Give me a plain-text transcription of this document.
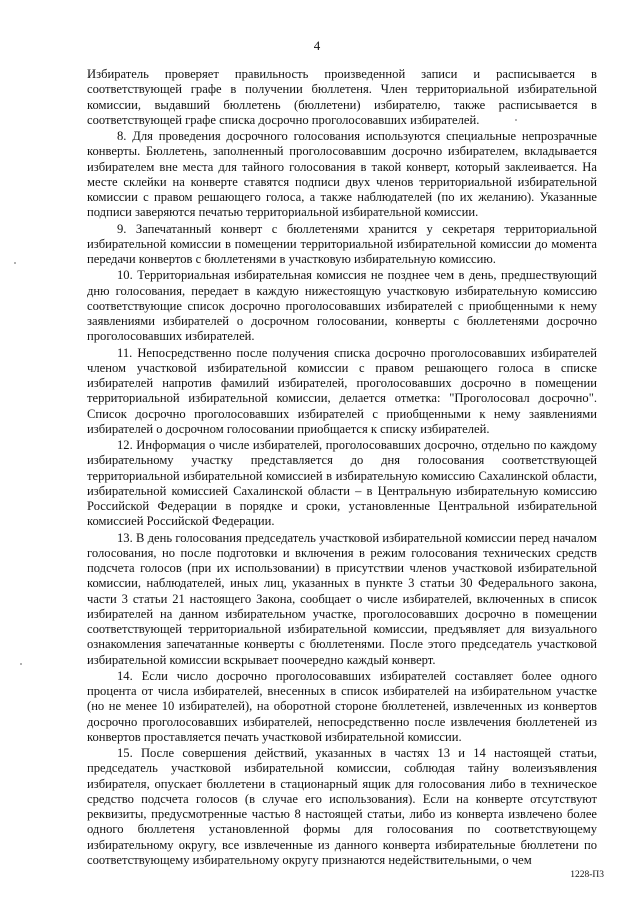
4

Избиратель проверяет правильность произведенной записи и расписывается в соответствующей графе в получении бюллетеня. Член территориальной избирательной комиссии, выдавший бюллетень (бюллетени) избирателю, также расписывается в соответствующей графе списка досрочно проголосовавших избирателей.

8. Для проведения досрочного голосования используются специальные непрозрачные конверты. Бюллетень, заполненный проголосовавшим досрочно избирателем, вкладывается избирателем вне места для тайного голосования в такой конверт, который заклеивается. На месте склейки на конверте ставятся подписи двух членов территориальной избирательной комиссии с правом решающего голоса, а также наблюдателей (по их желанию). Указанные подписи заверяются печатью территориальной избирательной комиссии.

9. Запечатанный конверт с бюллетенями хранится у секретаря территориальной избирательной комиссии в помещении территориальной избирательной комиссии до момента передачи конвертов с бюллетенями в участковую избирательную комиссию.

10. Территориальная избирательная комиссия не позднее чем в день, предшествующий дню голосования, передает в каждую нижестоящую участковую избирательную комиссию соответствующие список досрочно проголосовавших избирателей с приобщенными к нему заявлениями избирателей о досрочном голосовании, конверты с бюллетенями досрочно проголосовавших избирателей.

11. Непосредственно после получения списка досрочно проголосовавших избирателей членом участковой избирательной комиссии с правом решающего голоса в списке избирателей напротив фамилий избирателей, проголосовавших досрочно в помещении территориальной избирательной комиссии, делается отметка: "Проголосовал досрочно". Список досрочно проголосовавших избирателей с приобщенными к нему заявлениями избирателей о досрочном голосовании приобщается к списку избирателей.

12. Информация о числе избирателей, проголосовавших досрочно, отдельно по каждому избирательному участку представляется до дня голосования соответствующей территориальной избирательной комиссией в избирательную комиссию Сахалинской области, избирательной комиссией Сахалинской области – в Центральную избирательную комиссию Российской Федерации в порядке и сроки, установленные Центральной избирательной комиссией Российской Федерации.

13. В день голосования председатель участковой избирательной комиссии перед началом голосования, но после подготовки и включения в режим голосования технических средств подсчета голосов (при их использовании) в присутствии членов участковой избирательной комиссии, наблюдателей, иных лиц, указанных в пункте 3 статьи 30 Федерального закона, части 3 статьи 21 настоящего Закона, сообщает о числе избирателей, включенных в список избирателей на данном избирательном участке, проголосовавших досрочно в помещении соответствующей территориальной избирательной комиссии, предъявляет для визуального ознакомления запечатанные конверты с бюллетенями. После этого председатель участковой избирательной комиссии вскрывает поочередно каждый конверт.

14. Если число досрочно проголосовавших избирателей составляет более одного процента от числа избирателей, внесенных в список избирателей на избирательном участке (но не менее 10 избирателей), на оборотной стороне бюллетеней, извлеченных из конвертов досрочно проголосовавших избирателей, непосредственно после извлечения бюллетеней из конвертов проставляется печать участковой избирательной комиссии.

15. После совершения действий, указанных в частях 13 и 14 настоящей статьи, председатель участковой избирательной комиссии, соблюдая тайну волеизъявления избирателя, опускает бюллетени в стационарный ящик для голосования либо в техническое средство подсчета голосов (в случае его использования). Если на конверте отсутствуют реквизиты, предусмотренные частью 8 настоящей статьи, либо из конверта извлечено более одного бюллетеня установленной формы для голосования по соответствующему избирательному округу, все извлеченные из данного конверта избирательные бюллетени по соответствующему избирательному округу признаются недействительными, о чем

1228-П3
